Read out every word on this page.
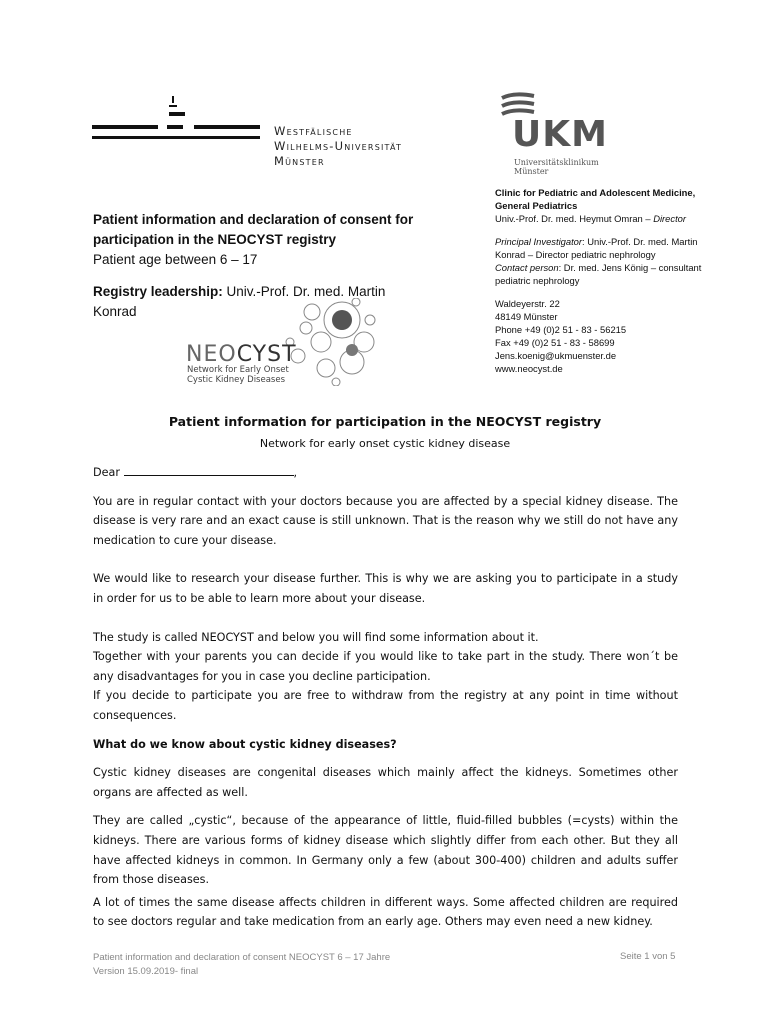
Westfälische
Wilhelms-Universität
Münster
UKM
Universitätsklinikum
Münster
Clinic for Pediatric and Adolescent Medicine,
General Pediatrics
Univ.-Prof. Dr. med. Heymut Omran – Director
Principal Investigator: Univ.-Prof. Dr. med. Martin
Konrad – Director pediatric nephrology
Contact person: Dr. med. Jens König – consultant
pediatric nephrology
Waldeyerstr. 22
48149 Münster
Phone +49 (0)2 51 - 83 - 56215
Fax +49 (0)2 51 - 83 - 58699
Jens.koenig@ukmuenster.de
www.neocyst.de
Patient information and declaration of consent for
participation in the NEOCYST registry
Patient age between 6 – 17
Registry leadership: Univ.-Prof. Dr. med. Martin
Konrad
NEOCYST
Network for Early Onset
Cystic Kidney Diseases
Patient information for participation in the NEOCYST registry
Network for early onset cystic kidney disease

Dear	,

You are in regular contact with your doctors because you are affected by a special kidney disease. The disease is very rare and an exact cause is still unknown. That is the reason why we still do not have any medication to cure your disease.

We would like to research your disease further. This is why we are asking you to participate in a study in order for us to be able to learn more about your disease.

The study is called NEOCYST and below you will find some information about it.

Together with your parents you can decide if you would like to take part in the study. There won´t be any disadvantages for you in case you decline participation.

If you decide to participate you are free to withdraw from the registry at any point in time without consequences.

What do we know about cystic kidney diseases?

Cystic kidney diseases are congenital diseases which mainly affect the kidneys. Sometimes other organs are affected as well.

They are called „cystic“, because of the appearance of little, fluid-filled bubbles (=cysts) within the kidneys. There are various forms of kidney disease which slightly differ from each other. But they all have affected kidneys in common. In Germany only a few (about 300-400) children and adults suffer from those diseases.

A lot of times the same disease affects children in different ways. Some affected children are required to see doctors regular and take medication from an early age. Others may even need a new kidney.

Patient information and declaration of consent NEOCYST 6 – 17 Jahre
Version 15.09.2019- final
Seite 1 von 5
